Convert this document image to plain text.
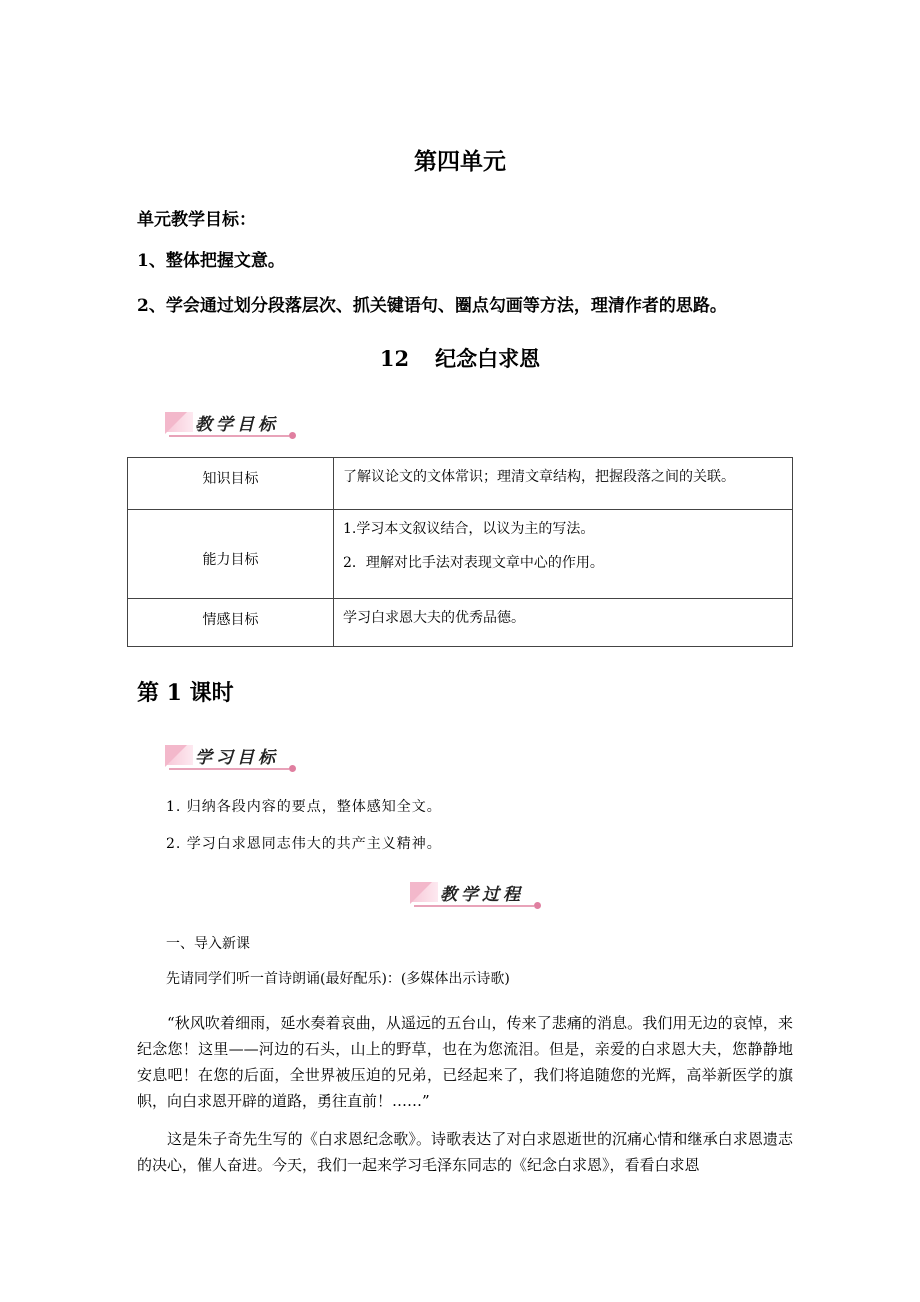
第四单元
单元教学目标：
1、整体把握文意。
2、学会通过划分段落层次、抓关键语句、圈点勾画等方法，理清作者的思路。
12 纪念白求恩
教学目标
知识目标	了解议论文的文体常识；理清文章结构，把握段落之间的关联。

能力目标	1.学习本文叙议结合，以议为主的写法。
2．理解对比手法对表现文章中心的作用。

情感目标	学习白求恩大夫的优秀品德。
第 1 课时
学习目标
1. 归纳各段内容的要点，整体感知全文。
2. 学习白求恩同志伟大的共产主义精神。
教学过程
一、导入新课
先请同学们听一首诗朗诵(最好配乐)：(多媒体出示诗歌)
“秋风吹着细雨，延水奏着哀曲，从遥远的五台山，传来了悲痛的消息。我们用无边的哀悼，来纪念您！这里——河边的石头，山上的野草，也在为您流泪。但是，亲爱的白求恩大夫，您静静地安息吧！在您的后面，全世界被压迫的兄弟，已经起来了，我们将追随您的光辉，高举新医学的旗帜，向白求恩开辟的道路，勇往直前！……”
这是朱子奇先生写的《白求恩纪念歌》。诗歌表达了对白求恩逝世的沉痛心情和继承白求恩遗志的决心，催人奋进。今天，我们一起来学习毛泽东同志的《纪念白求恩》，看看白求恩
